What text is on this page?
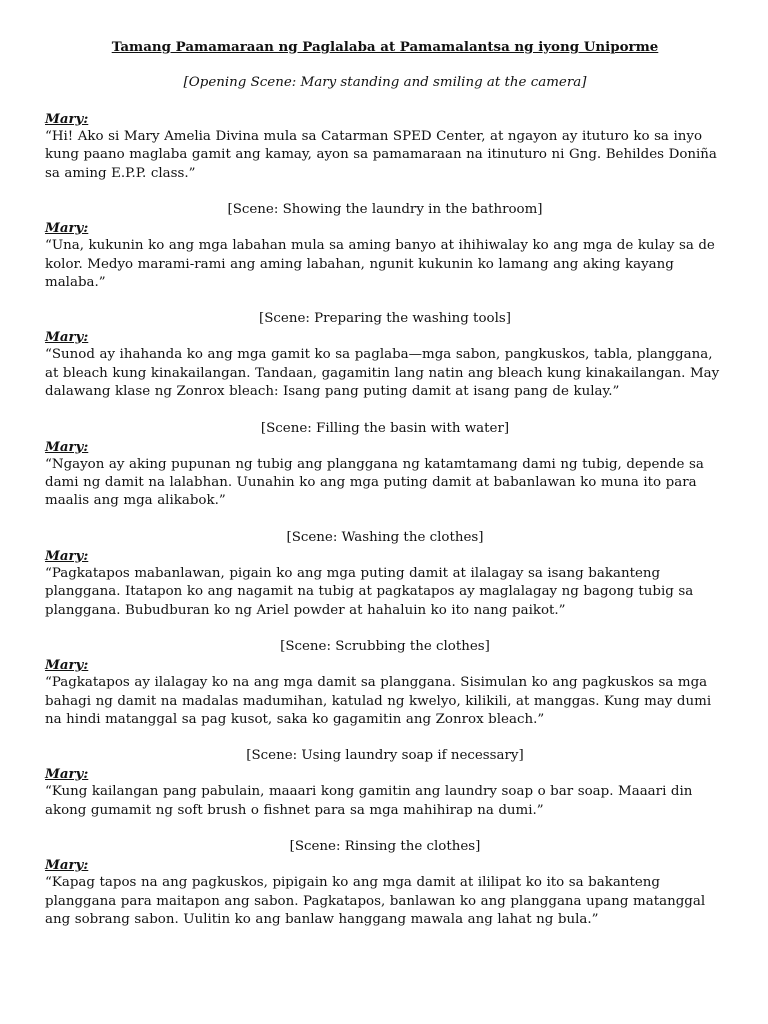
Tamang Pamamaraan ng Paglalaba at Pamamalantsa ng iyong Uniporme

[Opening Scene: Mary standing and smiling at the camera]

Mary:

“Hi! Ako si Mary Amelia Divina mula sa Catarman SPED Center, at ngayon ay ituturo ko sa inyo kung paano maglaba gamit ang kamay, ayon sa pamamaraan na itinuturo ni Gng. Behildes Doniña sa aming E.P.P. class.”

[Scene: Showing the laundry in the bathroom]

Mary:

“Una, kukunin ko ang mga labahan mula sa aming banyo at ihihiwalay ko ang mga de kulay sa de kolor. Medyo marami-rami ang aming labahan, ngunit kukunin ko lamang ang aking kayang malaba.”

[Scene: Preparing the washing tools]

Mary:

“Sunod ay ihahanda ko ang mga gamit ko sa paglaba—mga sabon, pangkuskos, tabla, planggana, at bleach kung kinakailangan. Tandaan, gagamitin lang natin ang bleach kung kinakailangan. May dalawang klase ng Zonrox bleach: Isang pang puting damit at isang pang de kulay.”

[Scene: Filling the basin with water]

Mary:

“Ngayon ay aking pupunan ng tubig ang planggana ng katamtamang dami ng tubig, depende sa dami ng damit na lalabhan. Uunahin ko ang mga puting damit at babanlawan ko muna ito para maalis ang mga alikabok.”

[Scene: Washing the clothes]

Mary:

“Pagkatapos mabanlawan, pigain ko ang mga puting damit at ilalagay sa isang bakanteng planggana. Itatapon ko ang nagamit na tubig at pagkatapos ay maglalagay ng bagong tubig sa planggana. Bubudburan ko ng Ariel powder at hahaluin ko ito nang paikot.”

[Scene: Scrubbing the clothes]

Mary:

“Pagkatapos ay ilalagay ko na ang mga damit sa planggana. Sisimulan ko ang pagkuskos sa mga bahagi ng damit na madalas madumihan, katulad ng kwelyo, kilikili, at manggas. Kung may dumi na hindi matanggal sa pag kusot, saka ko gagamitin ang Zonrox bleach.”

[Scene: Using laundry soap if necessary]

Mary:

“Kung kailangan pang pabulain, maaari kong gamitin ang laundry soap o bar soap. Maaari din akong gumamit ng soft brush o fishnet para sa mga mahihirap na dumi.”

[Scene: Rinsing the clothes]

Mary:

“Kapag tapos na ang pagkuskos, pipigain ko ang mga damit at ililipat ko ito sa bakanteng planggana para maitapon ang sabon. Pagkatapos, banlawan ko ang planggana upang matanggal ang sobrang sabon. Uulitin ko ang banlaw hanggang mawala ang lahat ng bula.”
